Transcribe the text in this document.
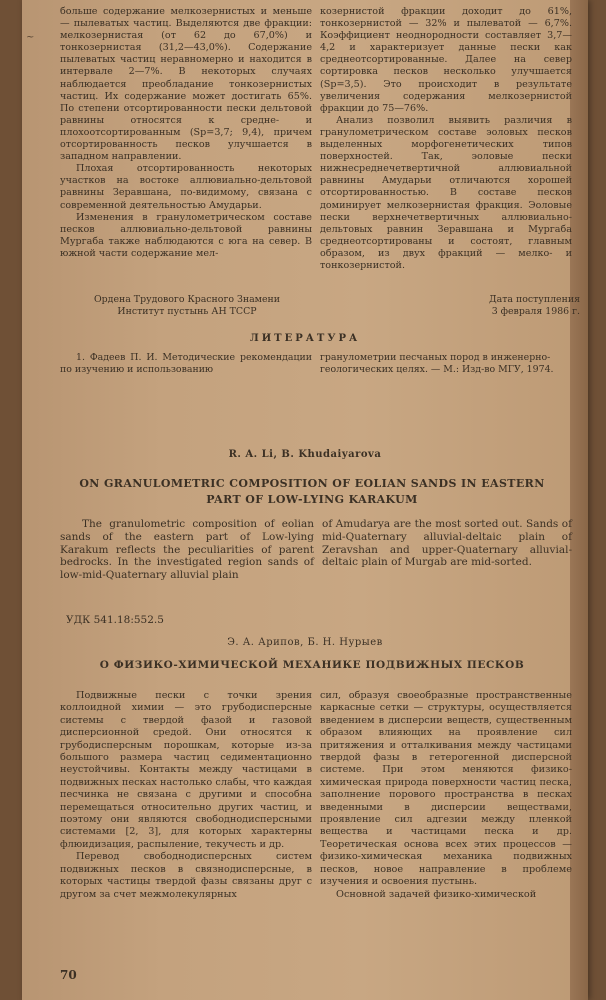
~

больше содержание мелкозернистых и меньше — пылеватых частиц. Выделяются две фракции: мелкозернистая (от 62 до 67,0%) и тонкозернистая (31,2—43,0%). Содержание пылеватых частиц неравномерно и находится в интервале 2—7%. В некоторых случаях наблюдается преобладание тонкозернистых частиц. Их содержание может достигать 65%. По степени отсортированности пески дельтовой равнины относятся к средне- и плохоотсортированным (Sp=3,7; 9,4), причем отсортированность песков улучшается в западном направлении.

Плохая отсортированность некоторых участков на востоке аллювиально-дельтовой равнины Зеравшана, по-видимому, связана с современной деятельностью Амударьи.

Изменения в гранулометрическом составе песков аллювиально-дельтовой равнины Мургаба также наблюдаются с юга на север. В южной части содержание мел-

козернистой фракции доходит до 61%, тонкозернистой — 32% и пылеватой — 6,7%. Коэффициент неоднородности составляет 3,7—4,2 и характеризует данные пески как среднеотсортированные. Далее на север сортировка песков несколько улучшается (Sp=3,5). Это происходит в результате увеличения содержания мелкозернистой фракции до 75—76%.

Анализ позволил выявить различия в гранулометрическом составе эоловых песков выделенных морфогенетических типов поверхностей. Так, эоловые пески нижнесреднечетвертичной аллювиальной равнины Амударьи отличаются хорошей отсортированностью. В составе песков доминирует мелкозернистая фракция. Эоловые пески верхнечетвертичных аллювиально-дельтовых равнин Зеравшана и Мургаба среднеотсортированы и состоят, главным образом, из двух фракций — мелко- и тонкозернистой.

Ордена Трудового Красного Знамени
Институт пустынь АН ТССР
Дата поступления
3 февраля 1986 г.
ЛИТЕРАТУРА

1. Фадеев П. И. Методические рекомендации по изучению и использованию

гранулометрии песчаных пород в инженерно-геологических целях. — М.: Изд-во МГУ, 1974.

R. A. Li, B. Khudaiyarova
ON GRANULOMETRIC COMPOSITION OF EOLIAN SANDS IN EASTERN
PART OF LOW-LYING KARAKUM

The granulometric composition of eolian sands of the eastern part of Low-lying Karakum reflects the peculiarities of parent bedrocks. In the investigated region sands of low-mid-Quaternary alluvial plain

of Amudarya are the most sorted out. Sands of mid-Quaternary alluvial-deltaic plain of Zeravshan and upper-Quaternary alluvial-deltaic plain of Murgab are mid-sorted.

УДК 541.18:552.5
Э. А. Арипов, Б. Н. Нурыев
О ФИЗИКО-ХИМИЧЕСКОЙ МЕХАНИКЕ ПОДВИЖНЫХ ПЕСКОВ

Подвижные пески с точки зрения коллоидной химии — это грубодисперсные системы с твердой фазой и газовой дисперсионной средой. Они относятся к грубодисперсным порошкам, которые из-за большого размера частиц седиментационно неустойчивы. Контакты между частицами в подвижных песках настолько слабы, что каждая песчинка не связана с другими и способна перемещаться относительно других частиц, и поэтому они являются свободнодисперсными системами [2, 3], для которых характерны флюидизация, распыление, текучесть и др.

Перевод свободнодисперсных систем подвижных песков в связнодисперсные, в которых частицы твердой фазы связаны друг с другом за счет межмолекулярных

сил, образуя своеобразные пространственные каркасные сетки — структуры, осуществляется введением в дисперсии веществ, существенным образом влияющих на проявление сил притяжения и отталкивания между частицами твердой фазы в гетерогенной дисперсной системе. При этом меняются физико-химическая природа поверхности частиц песка, заполнение порового пространства в песках введенными в дисперсии веществами, проявление сил адгезии между пленкой вещества и частицами песка и др. Теоретическая основа всех этих процессов — физико-химическая механика подвижных песков, новое направление в проблеме изучения и освоения пустынь.

Основной задачей физико-химической

70
